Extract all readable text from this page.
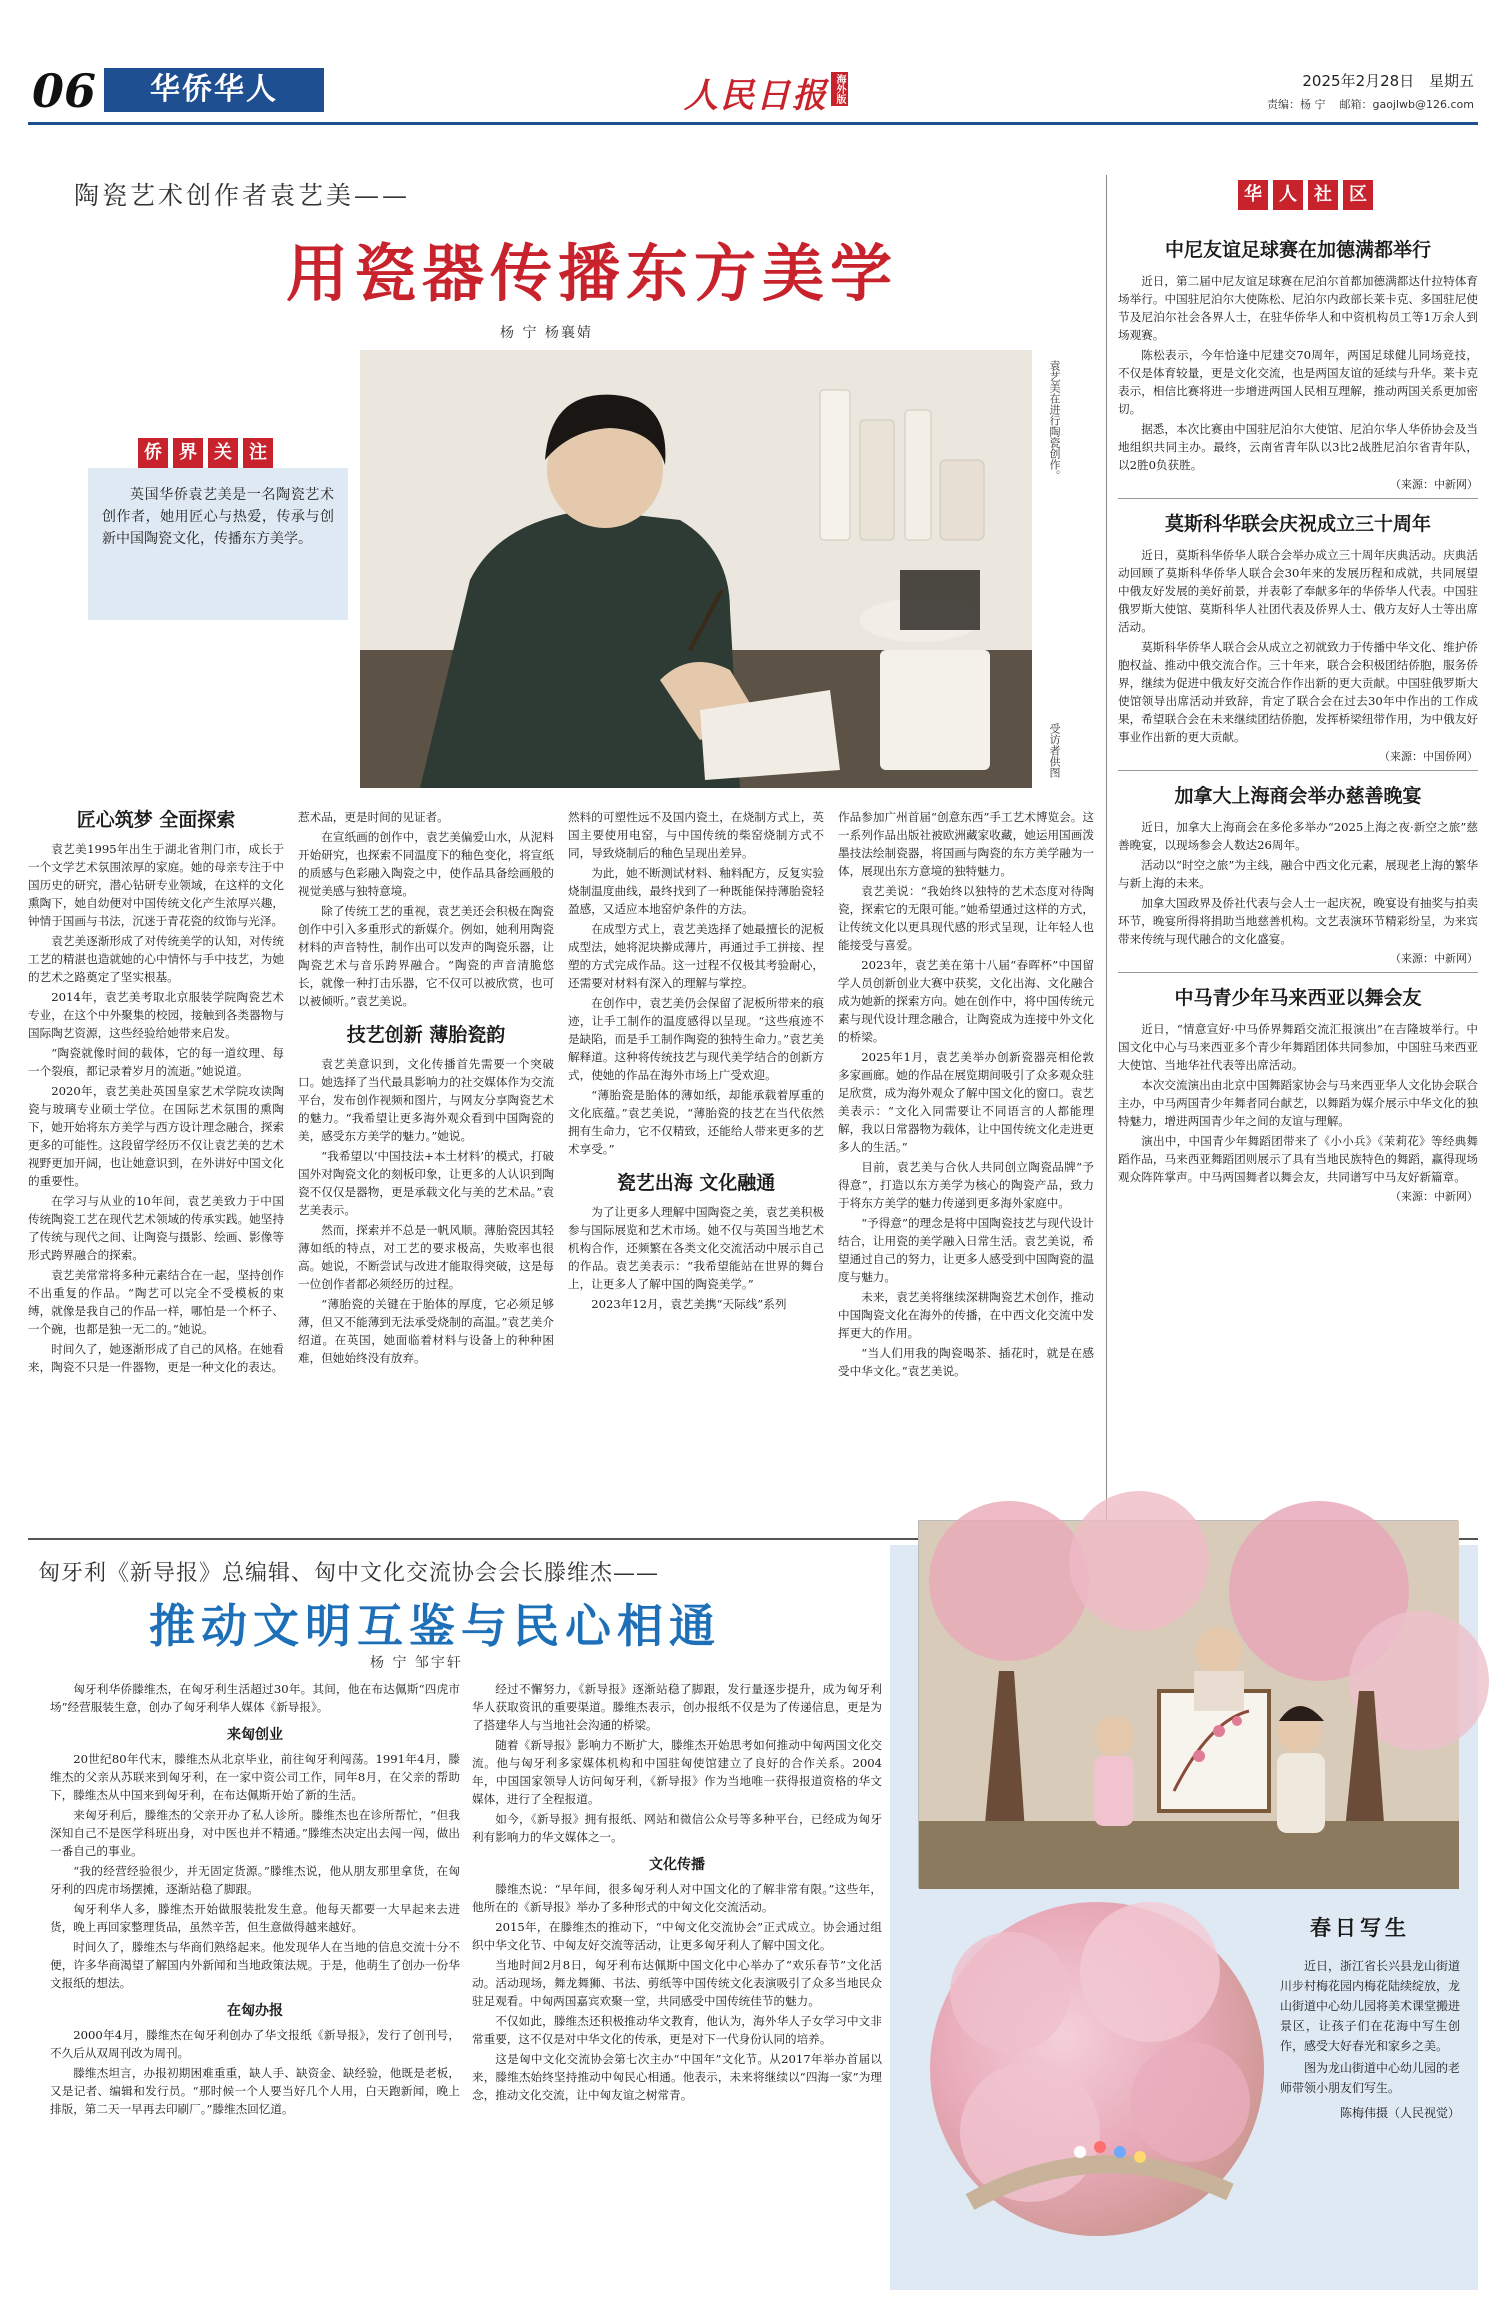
06	华侨华人	人民日报 海外版	2025年2月28日 星期五
责编：杨 宁    邮箱：gaojlwb@126.com
陶瓷艺术创作者袁艺美——
用瓷器传播东方美学
杨 宁 杨襄婧
侨 界 关 注

英国华侨袁艺美是一名陶瓷艺术创作者，她用匠心与热爱，传承与创新中国陶瓷文化，传播东方美学。

袁艺美在进行陶瓷创作。
受访者供图
匠心筑梦 全面探索

袁艺美1995年出生于湖北省荆门市，成长于一个文学艺术氛围浓厚的家庭。她的母亲专注于中国历史的研究，潜心钻研专业领域，在这样的文化熏陶下，她自幼便对中国传统文化产生浓厚兴趣，钟情于国画与书法，沉迷于青花瓷的纹饰与光泽。

袁艺美逐渐形成了对传统美学的认知，对传统工艺的精湛也造就她的心中情怀与手中技艺，为她的艺术之路奠定了坚实根基。

2014年，袁艺美考取北京服装学院陶瓷艺术专业，在这个中外聚集的校园，接触到各类器物与国际陶艺资源，这些经验给她带来启发。

“陶瓷就像时间的载体，它的每一道纹理、每一个裂痕，都记录着岁月的流逝。”她说道。

2020年，袁艺美赴英国皇家艺术学院攻读陶瓷与玻璃专业硕士学位。在国际艺术氛围的熏陶下，她开始将东方美学与西方设计理念融合，探索更多的可能性。这段留学经历不仅让袁艺美的艺术视野更加开阔，也让她意识到，在外讲好中国文化的重要性。

在学习与从业的10年间，袁艺美致力于中国传统陶瓷工艺在现代艺术领域的传承实践。她坚持了传统与现代之间、让陶瓷与摄影、绘画、影像等形式跨界融合的探索。

袁艺美常常将多种元素结合在一起，坚持创作不出重复的作品。“陶艺可以完全不受模板的束缚，就像是我自己的作品一样，哪怕是一个杯子、一个碗，也都是独一无二的。”她说。

时间久了，她逐渐形成了自己的风格。在她看来，陶瓷不只是一件器物，更是一种文化的表达。

惹术品，更是时间的见证者。

在宣纸画的创作中，袁艺美偏爱山水，从泥料开始研究，也探索不同温度下的釉色变化，将宣纸的质感与色彩融入陶瓷之中，使作品具备绘画般的视觉美感与独特意境。

除了传统工艺的重视，袁艺美还会积极在陶瓷创作中引入多重形式的新媒介。例如，她利用陶瓷材料的声音特性，制作出可以发声的陶瓷乐器，让陶瓷艺术与音乐跨界融合。“陶瓷的声音清脆悠长，就像一种打击乐器，它不仅可以被欣赏，也可以被倾听。”袁艺美说。

技艺创新 薄胎瓷韵

袁艺美意识到，文化传播首先需要一个突破口。她选择了当代最具影响力的社交媒体作为交流平台，发布创作视频和图片，与网友分享陶瓷艺术的魅力。“我希望让更多海外观众看到中国陶瓷的美，感受东方美学的魅力。”她说。

“我希望以‘中国技法+本土材料’的模式，打破国外对陶瓷文化的刻板印象，让更多的人认识到陶瓷不仅仅是器物，更是承载文化与美的艺术品。”袁艺美表示。

然而，探索并不总是一帆风顺。薄胎瓷因其轻薄如纸的特点，对工艺的要求极高，失败率也很高。她说，不断尝试与改进才能取得突破，这是每一位创作者都必须经历的过程。

“薄胎瓷的关键在于胎体的厚度，它必须足够薄，但又不能薄到无法承受烧制的高温。”袁艺美介绍道。在英国，她面临着材料与设备上的种种困难，但她始终没有放弃。

然料的可塑性远不及国内瓷土，在烧制方式上，英国主要使用电窑，与中国传统的柴窑烧制方式不同，导致烧制后的釉色呈现出差异。

为此，她不断测试材料、釉料配方，反复实验烧制温度曲线，最终找到了一种既能保持薄胎瓷轻盈感，又适应本地窑炉条件的方法。

在成型方式上，袁艺美选择了她最擅长的泥板成型法，她将泥块擀成薄片，再通过手工拼接、捏塑的方式完成作品。这一过程不仅极其考验耐心，还需要对材料有深入的理解与掌控。

在创作中，袁艺美仍会保留了泥板所带来的痕迹，让手工制作的温度感得以呈现。“这些痕迹不是缺陷，而是手工制作陶瓷的独特生命力。”袁艺美解释道。这种将传统技艺与现代美学结合的创新方式，使她的作品在海外市场上广受欢迎。

“薄胎瓷是胎体的薄如纸，却能承载着厚重的文化底蕴。”袁艺美说，“薄胎瓷的技艺在当代依然拥有生命力，它不仅精致，还能给人带来更多的艺术享受。”

瓷艺出海 文化融通

为了让更多人理解中国陶瓷之美，袁艺美积极参与国际展览和艺术市场。她不仅与英国当地艺术机构合作，还频繁在各类文化交流活动中展示自己的作品。袁艺美表示：“我希望能站在世界的舞台上，让更多人了解中国的陶瓷美学。”

2023年12月，袁艺美携“天际线”系列

作品参加广州首届“创意东西”手工艺术博览会。这一系列作品出版社被欧洲藏家收藏，她运用国画泼墨技法绘制瓷器，将国画与陶瓷的东方美学融为一体，展现出东方意境的独特魅力。

袁艺美说：“我始终以独特的艺术态度对待陶瓷，探索它的无限可能。”她希望通过这样的方式，让传统文化以更具现代感的形式呈现，让年轻人也能接受与喜爱。

2023年，袁艺美在第十八届“春晖杯”中国留学人员创新创业大赛中获奖，文化出海、文化融合成为她新的探索方向。她在创作中，将中国传统元素与现代设计理念融合，让陶瓷成为连接中外文化的桥梁。

2025年1月，袁艺美举办创新瓷器亮相伦敦多家画廊。她的作品在展览期间吸引了众多观众驻足欣赏，成为海外观众了解中国文化的窗口。袁艺美表示：“文化入同需要让不同语言的人都能理解，我以日常器物为载体，让中国传统文化走进更多人的生活。”

目前，袁艺美与合伙人共同创立陶瓷品牌“予得意”，打造以东方美学为核心的陶瓷产品，致力于将东方美学的魅力传递到更多海外家庭中。

“予得意”的理念是将中国陶瓷技艺与现代设计结合，让用瓷的美学融入日常生活。袁艺美说，希望通过自己的努力，让更多人感受到中国陶瓷的温度与魅力。

未来，袁艺美将继续深耕陶瓷艺术创作，推动中国陶瓷文化在海外的传播，在中西文化交流中发挥更大的作用。

“当人们用我的陶瓷喝茶、插花时，就是在感受中华文化。”袁艺美说。

华 人 社 区
中尼友谊足球赛在加德满都举行

近日，第二届中尼友谊足球赛在尼泊尔首都加德满都达什拉特体育场举行。中国驻尼泊尔大使陈松、尼泊尔内政部长莱卡克、多国驻尼使节及尼泊尔社会各界人士，在驻华侨华人和中资机构员工等1万余人到场观赛。

陈松表示，今年恰逢中尼建交70周年，两国足球健儿同场竞技，不仅是体育较量，更是文化交流，也是两国友谊的延续与升华。莱卡克表示，相信比赛将进一步增进两国人民相互理解，推动两国关系更加密切。

据悉，本次比赛由中国驻尼泊尔大使馆、尼泊尔华人华侨协会及当地组织共同主办。最终，云南省青年队以3比2战胜尼泊尔省青年队，以2胜0负获胜。

（来源：中新网）
莫斯科华联会庆祝成立三十周年

近日，莫斯科华侨华人联合会举办成立三十周年庆典活动。庆典活动回顾了莫斯科华侨华人联合会30年来的发展历程和成就，共同展望中俄友好发展的美好前景，并表彰了奉献多年的华侨华人代表。中国驻俄罗斯大使馆、莫斯科华人社团代表及侨界人士、俄方友好人士等出席活动。

莫斯科华侨华人联合会从成立之初就致力于传播中华文化、维护侨胞权益、推动中俄交流合作。三十年来，联合会积极团结侨胞，服务侨界，继续为促进中俄友好交流合作作出新的更大贡献。中国驻俄罗斯大使馆领导出席活动并致辞，肯定了联合会在过去30年中作出的工作成果，希望联合会在未来继续团结侨胞，发挥桥梁纽带作用，为中俄友好事业作出新的更大贡献。

（来源：中国侨网）
加拿大上海商会举办慈善晚宴

近日，加拿大上海商会在多伦多举办“2025上海之夜·新空之旅”慈善晚宴，以现场参会人数达26周年。

活动以“时空之旅”为主线，融合中西文化元素，展现老上海的繁华与新上海的未来。

加拿大国政界及侨社代表与会人士一起庆祝，晚宴设有抽奖与拍卖环节，晚宴所得将捐助当地慈善机构。文艺表演环节精彩纷呈，为来宾带来传统与现代融合的文化盛宴。

（来源：中新网）
中马青少年马来西亚以舞会友

近日，“情意宣好·中马侨界舞蹈交流汇报演出”在吉隆坡举行。中国文化中心与马来西亚多个青少年舞蹈团体共同参加，中国驻马来西亚大使馆、当地华社代表等出席活动。

本次交流演出由北京中国舞蹈家协会与马来西亚华人文化协会联合主办，中马两国青少年舞者同台献艺，以舞蹈为媒介展示中华文化的独特魅力，增进两国青少年之间的友谊与理解。

演出中，中国青少年舞蹈团带来了《小小兵》《茉莉花》等经典舞蹈作品，马来西亚舞蹈团则展示了具有当地民族特色的舞蹈，赢得现场观众阵阵掌声。中马两国舞者以舞会友，共同谱写中马友好新篇章。

（来源：中新网）
匈牙利《新导报》总编辑、匈中文化交流协会会长滕维杰——
推动文明互鉴与民心相通
杨 宁 邹宇轩

匈牙利华侨滕维杰，在匈牙利生活超过30年。其间，他在布达佩斯“四虎市场”经营服装生意，创办了匈牙利华人媒体《新导报》。

来匈创业

20世纪80年代末，滕维杰从北京毕业，前往匈牙利闯荡。1991年4月，滕维杰的父亲从苏联来到匈牙利，在一家中资公司工作，同年8月，在父亲的帮助下，滕维杰从中国来到匈牙利，在布达佩斯开始了新的生活。

来匈牙利后，滕维杰的父亲开办了私人诊所。滕维杰也在诊所帮忙，“但我深知自己不是医学科班出身，对中医也并不精通。”滕维杰决定出去闯一闯，做出一番自己的事业。

“我的经营经验很少，并无固定货源。”滕维杰说，他从朋友那里拿货，在匈牙利的四虎市场摆摊，逐渐站稳了脚跟。

匈牙利华人多，滕维杰开始做服装批发生意。他每天都要一大早起来去进货，晚上再回家整理货品，虽然辛苦，但生意做得越来越好。

时间久了，滕维杰与华商们熟络起来。他发现华人在当地的信息交流十分不便，许多华商渴望了解国内外新闻和当地政策法规。于是，他萌生了创办一份华文报纸的想法。

在匈办报

2000年4月，滕维杰在匈牙利创办了华文报纸《新导报》，发行了创刊号，不久后从双周刊改为周刊。

滕维杰坦言，办报初期困难重重，缺人手、缺资金、缺经验，他既是老板，又是记者、编辑和发行员。“那时候一个人要当好几个人用，白天跑新闻，晚上排版，第二天一早再去印刷厂。”滕维杰回忆道。

经过不懈努力，《新导报》逐渐站稳了脚跟，发行量逐步提升，成为匈牙利华人获取资讯的重要渠道。滕维杰表示，创办报纸不仅是为了传递信息，更是为了搭建华人与当地社会沟通的桥梁。

随着《新导报》影响力不断扩大，滕维杰开始思考如何推动中匈两国文化交流。他与匈牙利多家媒体机构和中国驻匈使馆建立了良好的合作关系。2004年，中国国家领导人访问匈牙利，《新导报》作为当地唯一获得报道资格的华文媒体，进行了全程报道。

如今，《新导报》拥有报纸、网站和微信公众号等多种平台，已经成为匈牙利有影响力的华文媒体之一。

文化传播

滕维杰说：“早年间，很多匈牙利人对中国文化的了解非常有限。”这些年，他所在的《新导报》举办了多种形式的中匈文化交流活动。

2015年，在滕维杰的推动下，“中匈文化交流协会”正式成立。协会通过组织中华文化节、中匈友好交流等活动，让更多匈牙利人了解中国文化。

当地时间2月8日，匈牙利布达佩斯中国文化中心举办了“欢乐春节”文化活动。活动现场，舞龙舞狮、书法、剪纸等中国传统文化表演吸引了众多当地民众驻足观看。中匈两国嘉宾欢聚一堂，共同感受中国传统佳节的魅力。

不仅如此，滕维杰还积极推动华文教育，他认为，海外华人子女学习中文非常重要，这不仅是对中华文化的传承，更是对下一代身份认同的培养。

这是匈中文化交流协会第七次主办“中国年”文化节。从2017年举办首届以来，滕维杰始终坚持推动中匈民心相通。他表示，未来将继续以“四海一家”为理念，推动文化交流，让中匈友谊之树常青。

春日写生

近日，浙江省长兴县龙山街道川步村梅花园内梅花陆续绽放，龙山街道中心幼儿园将美术课堂搬进景区，让孩子们在花海中写生创作，感受大好春光和家乡之美。

图为龙山街道中心幼儿园的老师带领小朋友们写生。

陈梅伟摄（人民视觉）
